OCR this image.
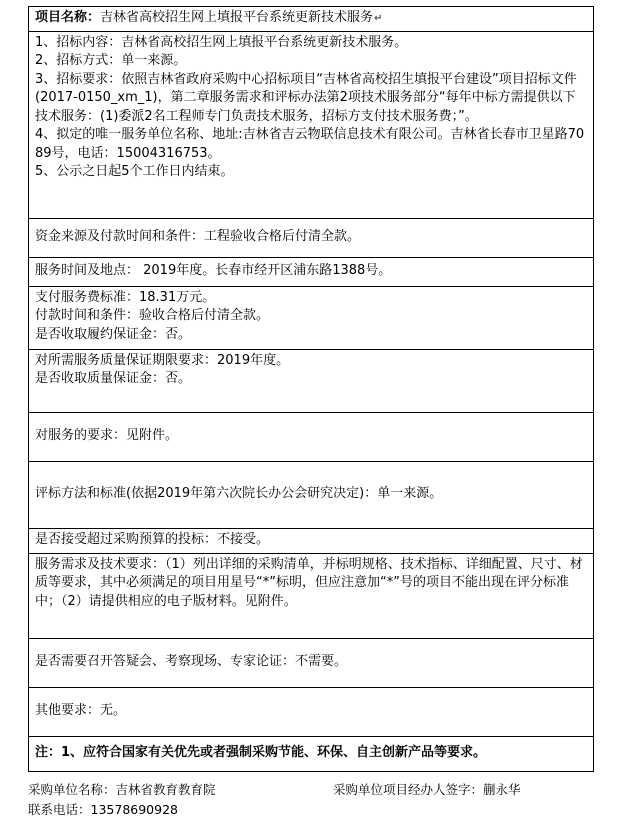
项目名称：吉林省高校招生网上填报平台系统更新技术服务↵

1、招标内容：吉林省高校招生网上填报平台系统更新技术服务。
2、招标方式：单一来源。
3、招标要求：依照吉林省政府采购中心招标项目“吉林省高校招生填报平台建设”项目招标文件(2017-0150_xm_1)，第二章服务需求和评标办法第2项技术服务部分“每年中标方需提供以下技术服务：(1)委派2名工程师专门负责技术服务，招标方支付技术服务费；”。
4、拟定的唯一服务单位名称、地址:吉林省吉云物联信息技术有限公司。吉林省长春市卫星路7089号，电话：15004316753。
5、公示之日起5个工作日内结束。

资金来源及付款时间和条件：工程验收合格后付清全款。
服务时间及地点： 2019年度。长春市经开区浦东路1388号。

支付服务费标准：18.31万元。
付款时间和条件：验收合格后付清全款。
是否收取履约保证金：否。

对所需服务质量保证期限要求：2019年度。
是否收取质量保证金：否。

对服务的要求：见附件。
评标方法和标准(依据2019年第六次院长办公会研究决定)：单一来源。
是否接受超过采购预算的投标：不接受。
服务需求及技术要求：（1）列出详细的采购清单，并标明规格、技术指标、详细配置、尺寸、材质等要求，其中必须满足的项目用星号“*”标明，但应注意加“*”号的项目不能出现在评分标准中；（2）请提供相应的电子版材料。见附件。
是否需要召开答疑会、考察现场、专家论证：不需要。
其他要求：无。
注：1、应符合国家有关优先或者强制采购节能、环保、自主创新产品等要求。
采购单位名称：吉林省教育教育院	采购单位项目经办人签字：蒯永华
联系电话：13578690928
